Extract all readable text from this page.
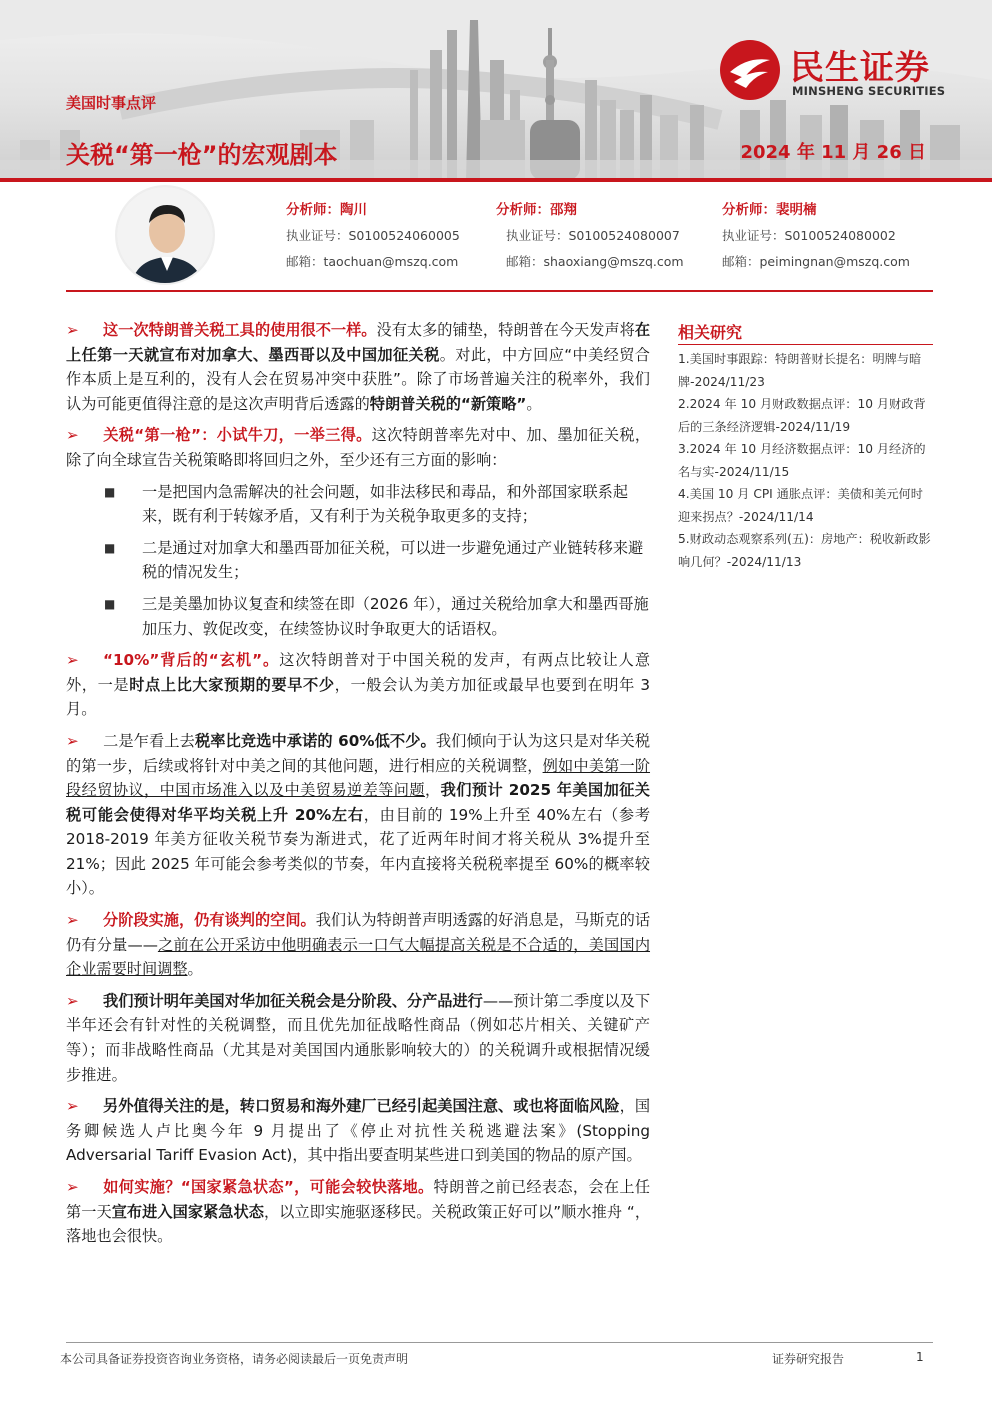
民生证券
MINSHENG SECURITIES
美国时事点评
关税“第一枪”的宏观剧本	2024 年 11 月 26 日
分析师：陶川
执业证号：S0100524060005
邮箱：taochuan@mszq.com
分析师：邵翔
执业证号：S0100524080007
邮箱：shaoxiang@mszq.com
分析师：裴明楠
执业证号：S0100524080002
邮箱：peimingnan@mszq.com

➢ 这一次特朗普关税工具的使用很不一样。没有太多的铺垫，特朗普在今天发声将在上任第一天就宣布对加拿大、墨西哥以及中国加征关税。对此，中方回应“中美经贸合作本质上是互利的，没有人会在贸易冲突中获胜”。除了市场普遍关注的税率外，我们认为可能更值得注意的是这次声明背后透露的特朗普关税的“新策略”。

➢ 关税“第一枪”：小试牛刀，一举三得。这次特朗普率先对中、加、墨加征关税，除了向全球宣告关税策略即将回归之外，至少还有三方面的影响：

■ 一是把国内急需解决的社会问题，如非法移民和毒品，和外部国家联系起来，既有利于转嫁矛盾，又有利于为关税争取更多的支持；

■ 二是通过对加拿大和墨西哥加征关税，可以进一步避免通过产业链转移来避税的情况发生；

■ 三是美墨加协议复查和续签在即（2026 年），通过关税给加拿大和墨西哥施加压力、敦促改变，在续签协议时争取更大的话语权。

➢ “10%”背后的“玄机”。这次特朗普对于中国关税的发声，有两点比较让人意外，一是时点上比大家预期的要早不少，一般会认为美方加征或最早也要到在明年 3 月。

➢ 二是乍看上去税率比竞选中承诺的 60%低不少。我们倾向于认为这只是对华关税的第一步，后续或将针对中美之间的其他问题，进行相应的关税调整，例如中美第一阶段经贸协议，中国市场准入以及中美贸易逆差等问题，我们预计 2025 年美国加征关税可能会使得对华平均关税上升 20%左右，由目前的 19%上升至 40%左右（参考 2018-2019 年美方征收关税节奏为渐进式，花了近两年时间才将关税从 3%提升至 21%；因此 2025 年可能会参考类似的节奏，年内直接将关税税率提至 60%的概率较小）。

➢ 分阶段实施，仍有谈判的空间。我们认为特朗普声明透露的好消息是，马斯克的话仍有分量——之前在公开采访中他明确表示一口气大幅提高关税是不合适的，美国国内企业需要时间调整。

➢ 我们预计明年美国对华加征关税会是分阶段、分产品进行——预计第二季度以及下半年还会有针对性的关税调整，而且优先加征战略性商品（例如芯片相关、关键矿产等）；而非战略性商品（尤其是对美国国内通胀影响较大的）的关税调升或根据情况缓步推进。

➢ 另外值得关注的是，转口贸易和海外建厂已经引起美国注意、或也将面临风险，国务卿候选人卢比奥今年 9 月提出了《停止对抗性关税逃避法案》(Stopping Adversarial Tariff Evasion Act)，其中指出要查明某些进口到美国的物品的原产国。

➢ 如何实施？“国家紧急状态”，可能会较快落地。特朗普之前已经表态，会在上任第一天宣布进入国家紧急状态，以立即实施驱逐移民。关税政策正好可以”顺水推舟 “，落地也会很快。

相关研究
1.美国时事跟踪：特朗普财长提名：明牌与暗牌-2024/11/23
2.2024 年 10 月财政数据点评：10 月财政背后的三条经济逻辑-2024/11/19
3.2024 年 10 月经济数据点评：10 月经济的名与实-2024/11/15
4.美国 10 月 CPI 通胀点评：美债和美元何时迎来拐点？-2024/11/14
5.财政动态观察系列(五)：房地产：税收新政影响几何？-2024/11/13
本公司具备证券投资咨询业务资格，请务必阅读最后一页免责声明	证券研究报告	1
